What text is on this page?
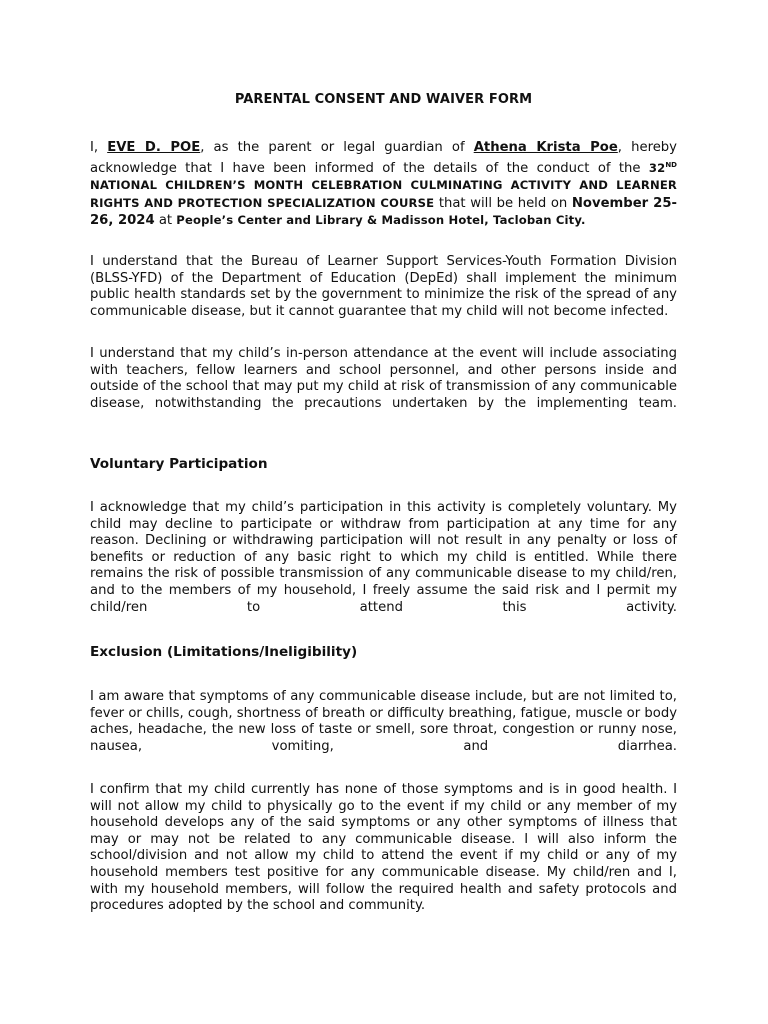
PARENTAL CONSENT AND WAIVER FORM

I, EVE D. POE, as the parent or legal guardian of Athena Krista Poe, hereby acknowledge that I have been informed of the details of the conduct of the 32ND NATIONAL CHILDREN’S MONTH CELEBRATION CULMINATING ACTIVITY AND LEARNER RIGHTS AND PROTECTION SPECIALIZATION COURSE that will be held on November 25-26, 2024 at People’s Center and Library & Madisson Hotel, Tacloban City.

I understand that the Bureau of Learner Support Services-Youth Formation Division (BLSS-YFD) of the Department of Education (DepEd) shall implement the minimum public health standards set by the government to minimize the risk of the spread of any communicable disease, but it cannot guarantee that my child will not become infected.

I understand that my child’s in-person attendance at the event will include associating with teachers, fellow learners and school personnel, and other persons inside and outside of the school that may put my child at risk of transmission of any communicable disease, notwithstanding the precautions undertaken by the implementing team.

Voluntary Participation

I acknowledge that my child’s participation in this activity is completely voluntary. My child may decline to participate or withdraw from participation at any time for any reason. Declining or withdrawing participation will not result in any penalty or loss of benefits or reduction of any basic right to which my child is entitled. While there remains the risk of possible transmission of any communicable disease to my child/ren, and to the members of my household, I freely assume the said risk and I permit my child/ren to attend this activity.

Exclusion (Limitations/Ineligibility)

I am aware that symptoms of any communicable disease include, but are not limited to, fever or chills, cough, shortness of breath or difficulty breathing, fatigue, muscle or body aches, headache, the new loss of taste or smell, sore throat, congestion or runny nose, nausea, vomiting, and diarrhea.

I confirm that my child currently has none of those symptoms and is in good health. I will not allow my child to physically go to the event if my child or any member of my household develops any of the said symptoms or any other symptoms of illness that may or may not be related to any communicable disease. I will also inform the school/division and not allow my child to attend the event if my child or any of my household members test positive for any communicable disease. My child/ren and I, with my household members, will follow the required health and safety protocols and procedures adopted by the school and community.
